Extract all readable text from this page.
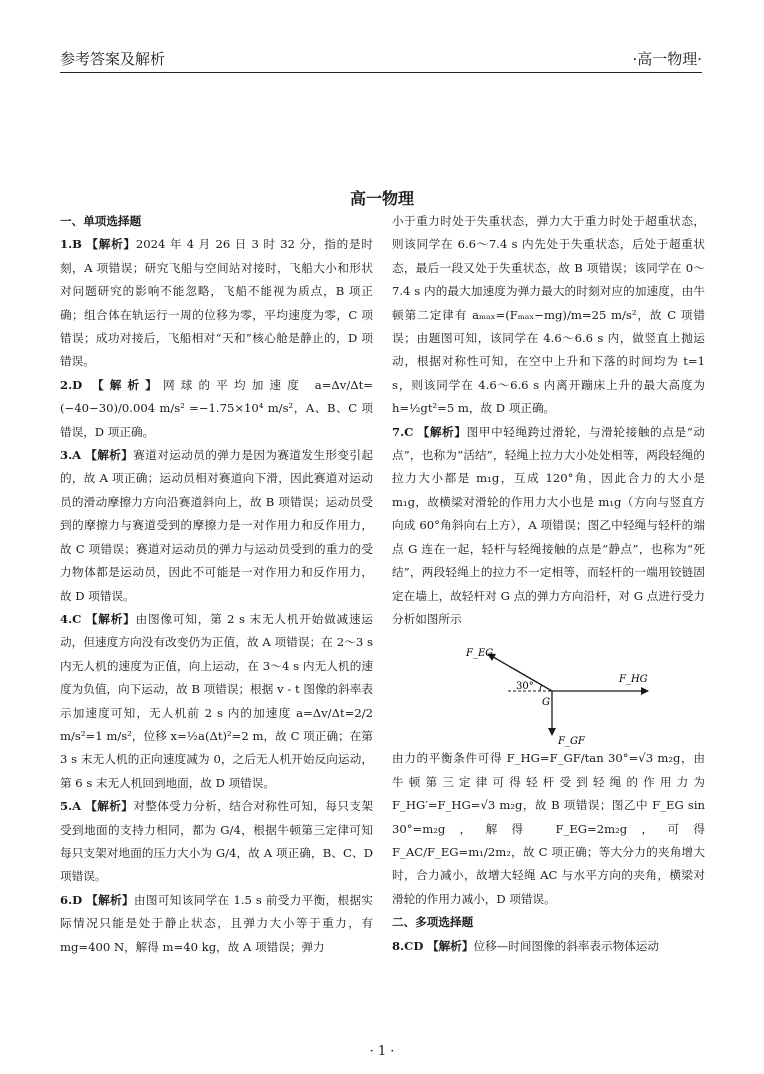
参考答案及解析	·高一物理·
高一物理
一、单项选择题
1.B 【解析】2024 年 4 月 26 日 3 时 32 分，指的是时刻，A 项错误；研究飞船与空间站对接时，飞船大小和形状对问题研究的影响不能忽略，飞船不能视为质点，B 项正确；组合体在轨运行一周的位移为零，平均速度为零，C 项错误；成功对接后，飞船相对“天和”核心舱是静止的，D 项错误。
2.D 【解析】网球的平均加速度 a=Δv/Δt=(−40−30)/0.004 m/s² =−1.75×10⁴ m/s²，A、B、C 项错误，D 项正确。
3.A 【解析】赛道对运动员的弹力是因为赛道发生形变引起的，故 A 项正确；运动员相对赛道向下滑，因此赛道对运动员的滑动摩擦力方向沿赛道斜向上，故 B 项错误；运动员受到的摩擦力与赛道受到的摩擦力是一对作用力和反作用力，故 C 项错误；赛道对运动员的弹力与运动员受到的重力的受力物体都是运动员，因此不可能是一对作用力和反作用力，故 D 项错误。
4.C 【解析】由图像可知，第 2 s 末无人机开始做减速运动，但速度方向没有改变仍为正值，故 A 项错误；在 2～3 s 内无人机的速度为正值，向上运动，在 3～4 s 内无人机的速度为负值，向下运动，故 B 项错误；根据 v - t 图像的斜率表示加速度可知，无人机前 2 s 内的加速度 a=Δv/Δt=2/2 m/s²=1 m/s²，位移 x=½a(Δt)²=2 m，故 C 项正确；在第 3 s 末无人机的正向速度减为 0，之后无人机开始反向运动，第 6 s 末无人机回到地面，故 D 项错误。
5.A 【解析】对整体受力分析，结合对称性可知，每只支架受到地面的支持力相同，都为 G/4，根据牛顿第三定律可知每只支架对地面的压力大小为 G/4，故 A 项正确，B、C、D 项错误。
6.D 【解析】由图可知该同学在 1.5 s 前受力平衡，根据实际情况只能是处于静止状态，且弹力大小等于重力，有 mg=400 N，解得 m=40 kg，故 A 项错误；弹力
小于重力时处于失重状态，弹力大于重力时处于超重状态，则该同学在 6.6～7.4 s 内先处于失重状态，后处于超重状态，最后一段又处于失重状态，故 B 项错误；该同学在 0～7.4 s 内的最大加速度为弹力最大的时刻对应的加速度，由牛顿第二定律有 aₘₐₓ=(Fₘₐₓ−mg)/m=25 m/s²，故 C 项错误；由题图可知，该同学在 4.6～6.6 s 内，做竖直上抛运动，根据对称性可知，在空中上升和下落的时间均为 t=1 s，则该同学在 4.6～6.6 s 内离开蹦床上升的最大高度为 h=½gt²=5 m，故 D 项正确。
7.C 【解析】图甲中轻绳跨过滑轮，与滑轮接触的点是“动点”，也称为“活结”，轻绳上拉力大小处处相等，两段轻绳的拉力大小都是 m₁g，互成 120°角，因此合力的大小是 m₁g，故横梁对滑轮的作用力大小也是 m₁g（方向与竖直方向成 60°角斜向右上方），A 项错误；图乙中轻绳与轻杆的端点 G 连在一起，轻杆与轻绳接触的点是“静点”，也称为“死结”，两段轻绳上的拉力不一定相等，而轻杆的一端用铰链固定在墙上，故轻杆对 G 点的弹力方向沿杆，对 G 点进行受力分析如图所示
F_EG
F_HG
F_GF
30°
G
由力的平衡条件可得 F_HG=F_GF/tan 30°=√3 m₂g，由牛顿第三定律可得轻杆受到轻绳的作用力为 F_HG′=F_HG=√3 m₂g，故 B 项错误；图乙中 F_EG sin 30°=m₂g，解得 F_EG=2m₂g，可得 F_AC/F_EG=m₁/2m₂，故 C 项正确；等大分力的夹角增大时，合力减小，故增大轻绳 AC 与水平方向的夹角，横梁对滑轮的作用力减小，D 项错误。
二、多项选择题
8.CD 【解析】位移—时间图像的斜率表示物体运动
· 1 ·
